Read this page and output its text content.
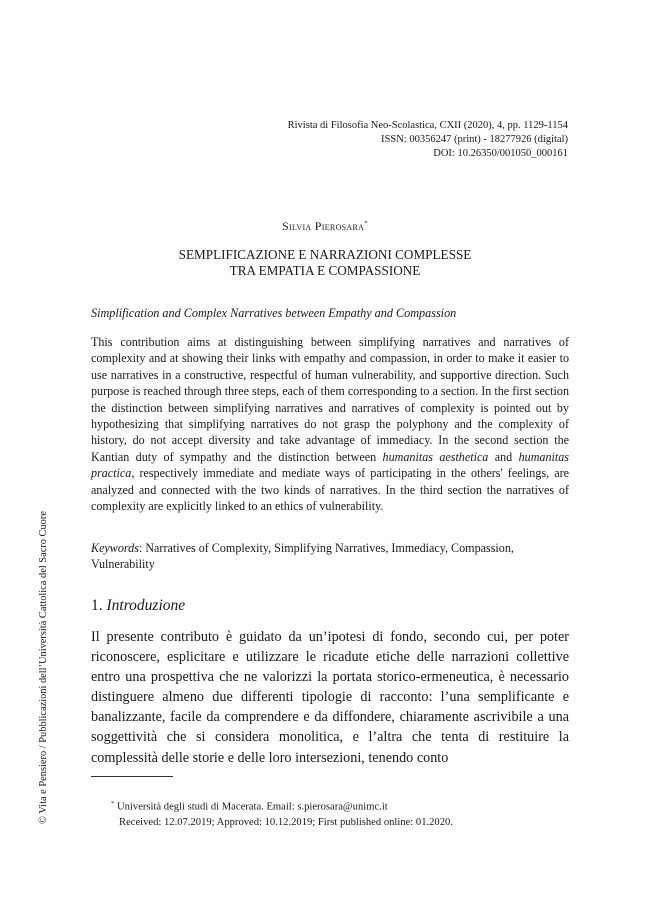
Rivista di Filosofia Neo-Scolastica, CXII (2020), 4, pp. 1129-1154
ISSN: 00356247 (print) - 18277926 (digital)
DOI: 10.26350/001050_000161
Silvia Pierosara*
SEMPLIFICAZIONE E NARRAZIONI COMPLESSE
TRA EMPATIA E COMPASSIONE
Simplification and Complex Narratives between Empathy and Compassion

This contribution aims at distinguishing between simplifying narratives and narratives of complexity and at showing their links with empathy and compassion, in order to make it easier to use narratives in a constructive, respectful of human vulnerability, and supportive direction. Such purpose is reached through three steps, each of them corresponding to a section. In the first section the distinction between simplifying narratives and narratives of complexity is pointed out by hypothesizing that simplifying narratives do not grasp the polyphony and the complexity of history, do not accept diversity and take advantage of immediacy. In the second section the Kantian duty of sympathy and the distinction between humanitas aesthetica and humanitas practica, respectively immediate and mediate ways of participating in the others' feelings, are analyzed and connected with the two kinds of narratives. In the third section the narratives of complexity are explicitly linked to an ethics of vulnerability.

Keywords: Narratives of Complexity, Simplifying Narratives, Immediacy, Compassion, Vulnerability
1. Introduzione

Il presente contributo è guidato da un’ipotesi di fondo, secondo cui, per poter riconoscere, esplicitare e utilizzare le ricadute etiche delle narrazioni collettive entro una prospettiva che ne valorizzi la portata storico-ermeneutica, è necessario distinguere almeno due differenti tipologie di racconto: l’una semplificante e banalizzante, facile da comprendere e da diffondere, chiaramente ascrivibile a una soggettività che si considera monolitica, e l’altra che tenta di restituire la complessità delle storie e delle loro intersezioni, tenendo conto

* Università degli studi di Macerata. Email: s.pierosara@unimc.it
Received: 12.07.2019; Approved: 10.12.2019; First published online: 01.2020.
© Vita e Pensiero / Pubblicazioni dell’Università Cattolica del Sacro Cuore
